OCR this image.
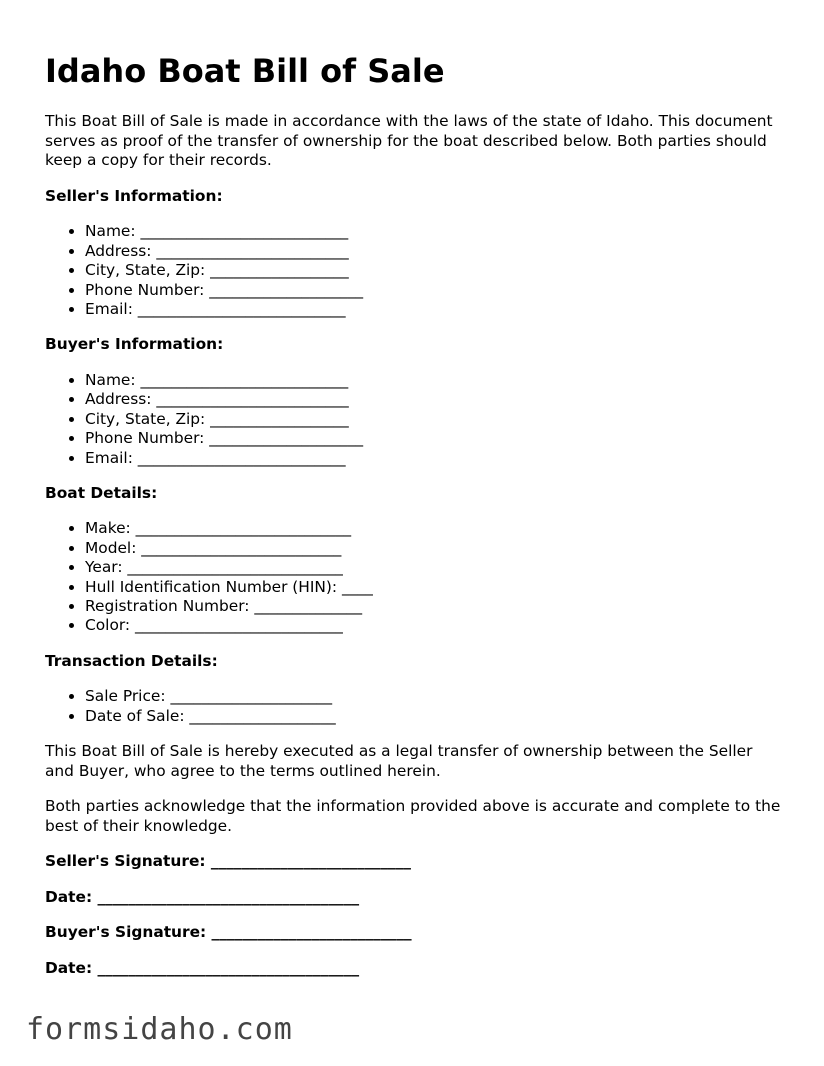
Idaho Boat Bill of Sale

This Boat Bill of Sale is made in accordance with the laws of the state of Idaho. This document serves as proof of the transfer of ownership for the boat described below. Both parties should keep a copy for their records.

Seller's Information:
• Name: ___________________________
• Address: _________________________
• City, State, Zip: __________________
• Phone Number: ____________________
• Email: ___________________________
Buyer's Information:
• Name: ___________________________
• Address: _________________________
• City, State, Zip: __________________
• Phone Number: ____________________
• Email: ___________________________
Boat Details:
• Make: ____________________________
• Model: __________________________
• Year: ____________________________
• Hull Identification Number (HIN): ____
• Registration Number: ______________
• Color: ___________________________
Transaction Details:
• Sale Price: _____________________
• Date of Sale: ___________________

This Boat Bill of Sale is hereby executed as a legal transfer of ownership between the Seller and Buyer, who agree to the terms outlined herein.

Both parties acknowledge that the information provided above is accurate and complete to the best of their knowledge.

Seller's Signature: __________________________
Date: __________________________________
Buyer's Signature: __________________________
Date: __________________________________
formsidaho.com
